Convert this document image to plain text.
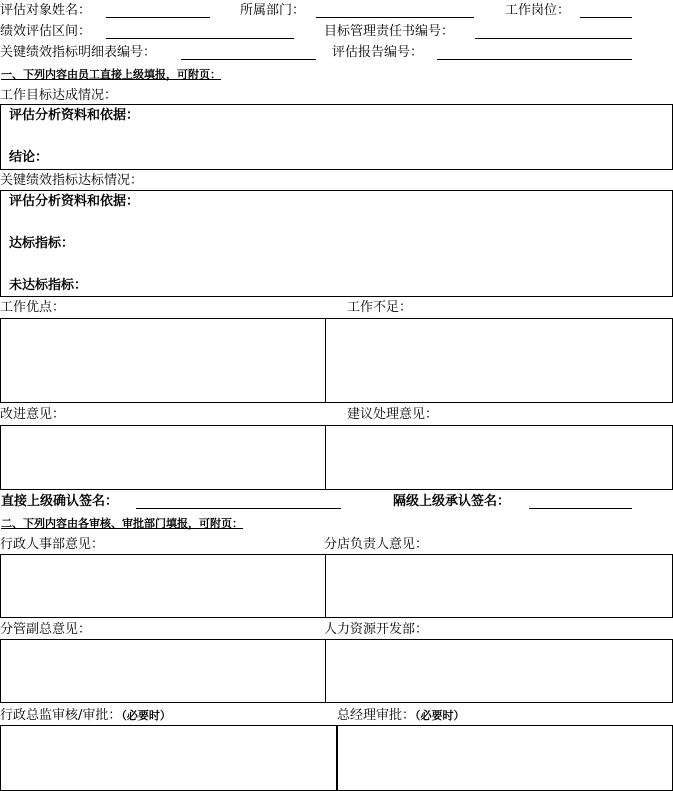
评估对象姓名：	所属部门：	工作岗位：
绩效评估区间：	目标管理责任书编号：
关键绩效指标明细表编号：	评估报告编号：
一、下列内容由员工直接上级填报，可附页：
工作目标达成情况：
评估分析资料和依据：
结论：
关键绩效指标达标情况：
评估分析资料和依据：
达标指标：
未达标指标：
工作优点：	工作不足：
改进意见：	建议处理意见：
直接上级确认签名：	隔级上级承认签名：
二、下列内容由各审核、审批部门填报，可附页：
行政人事部意见：	分店负责人意见：
分管副总意见：	人力资源开发部：
行政总监审核/审批：（必要时）	总经理审批：（必要时）
